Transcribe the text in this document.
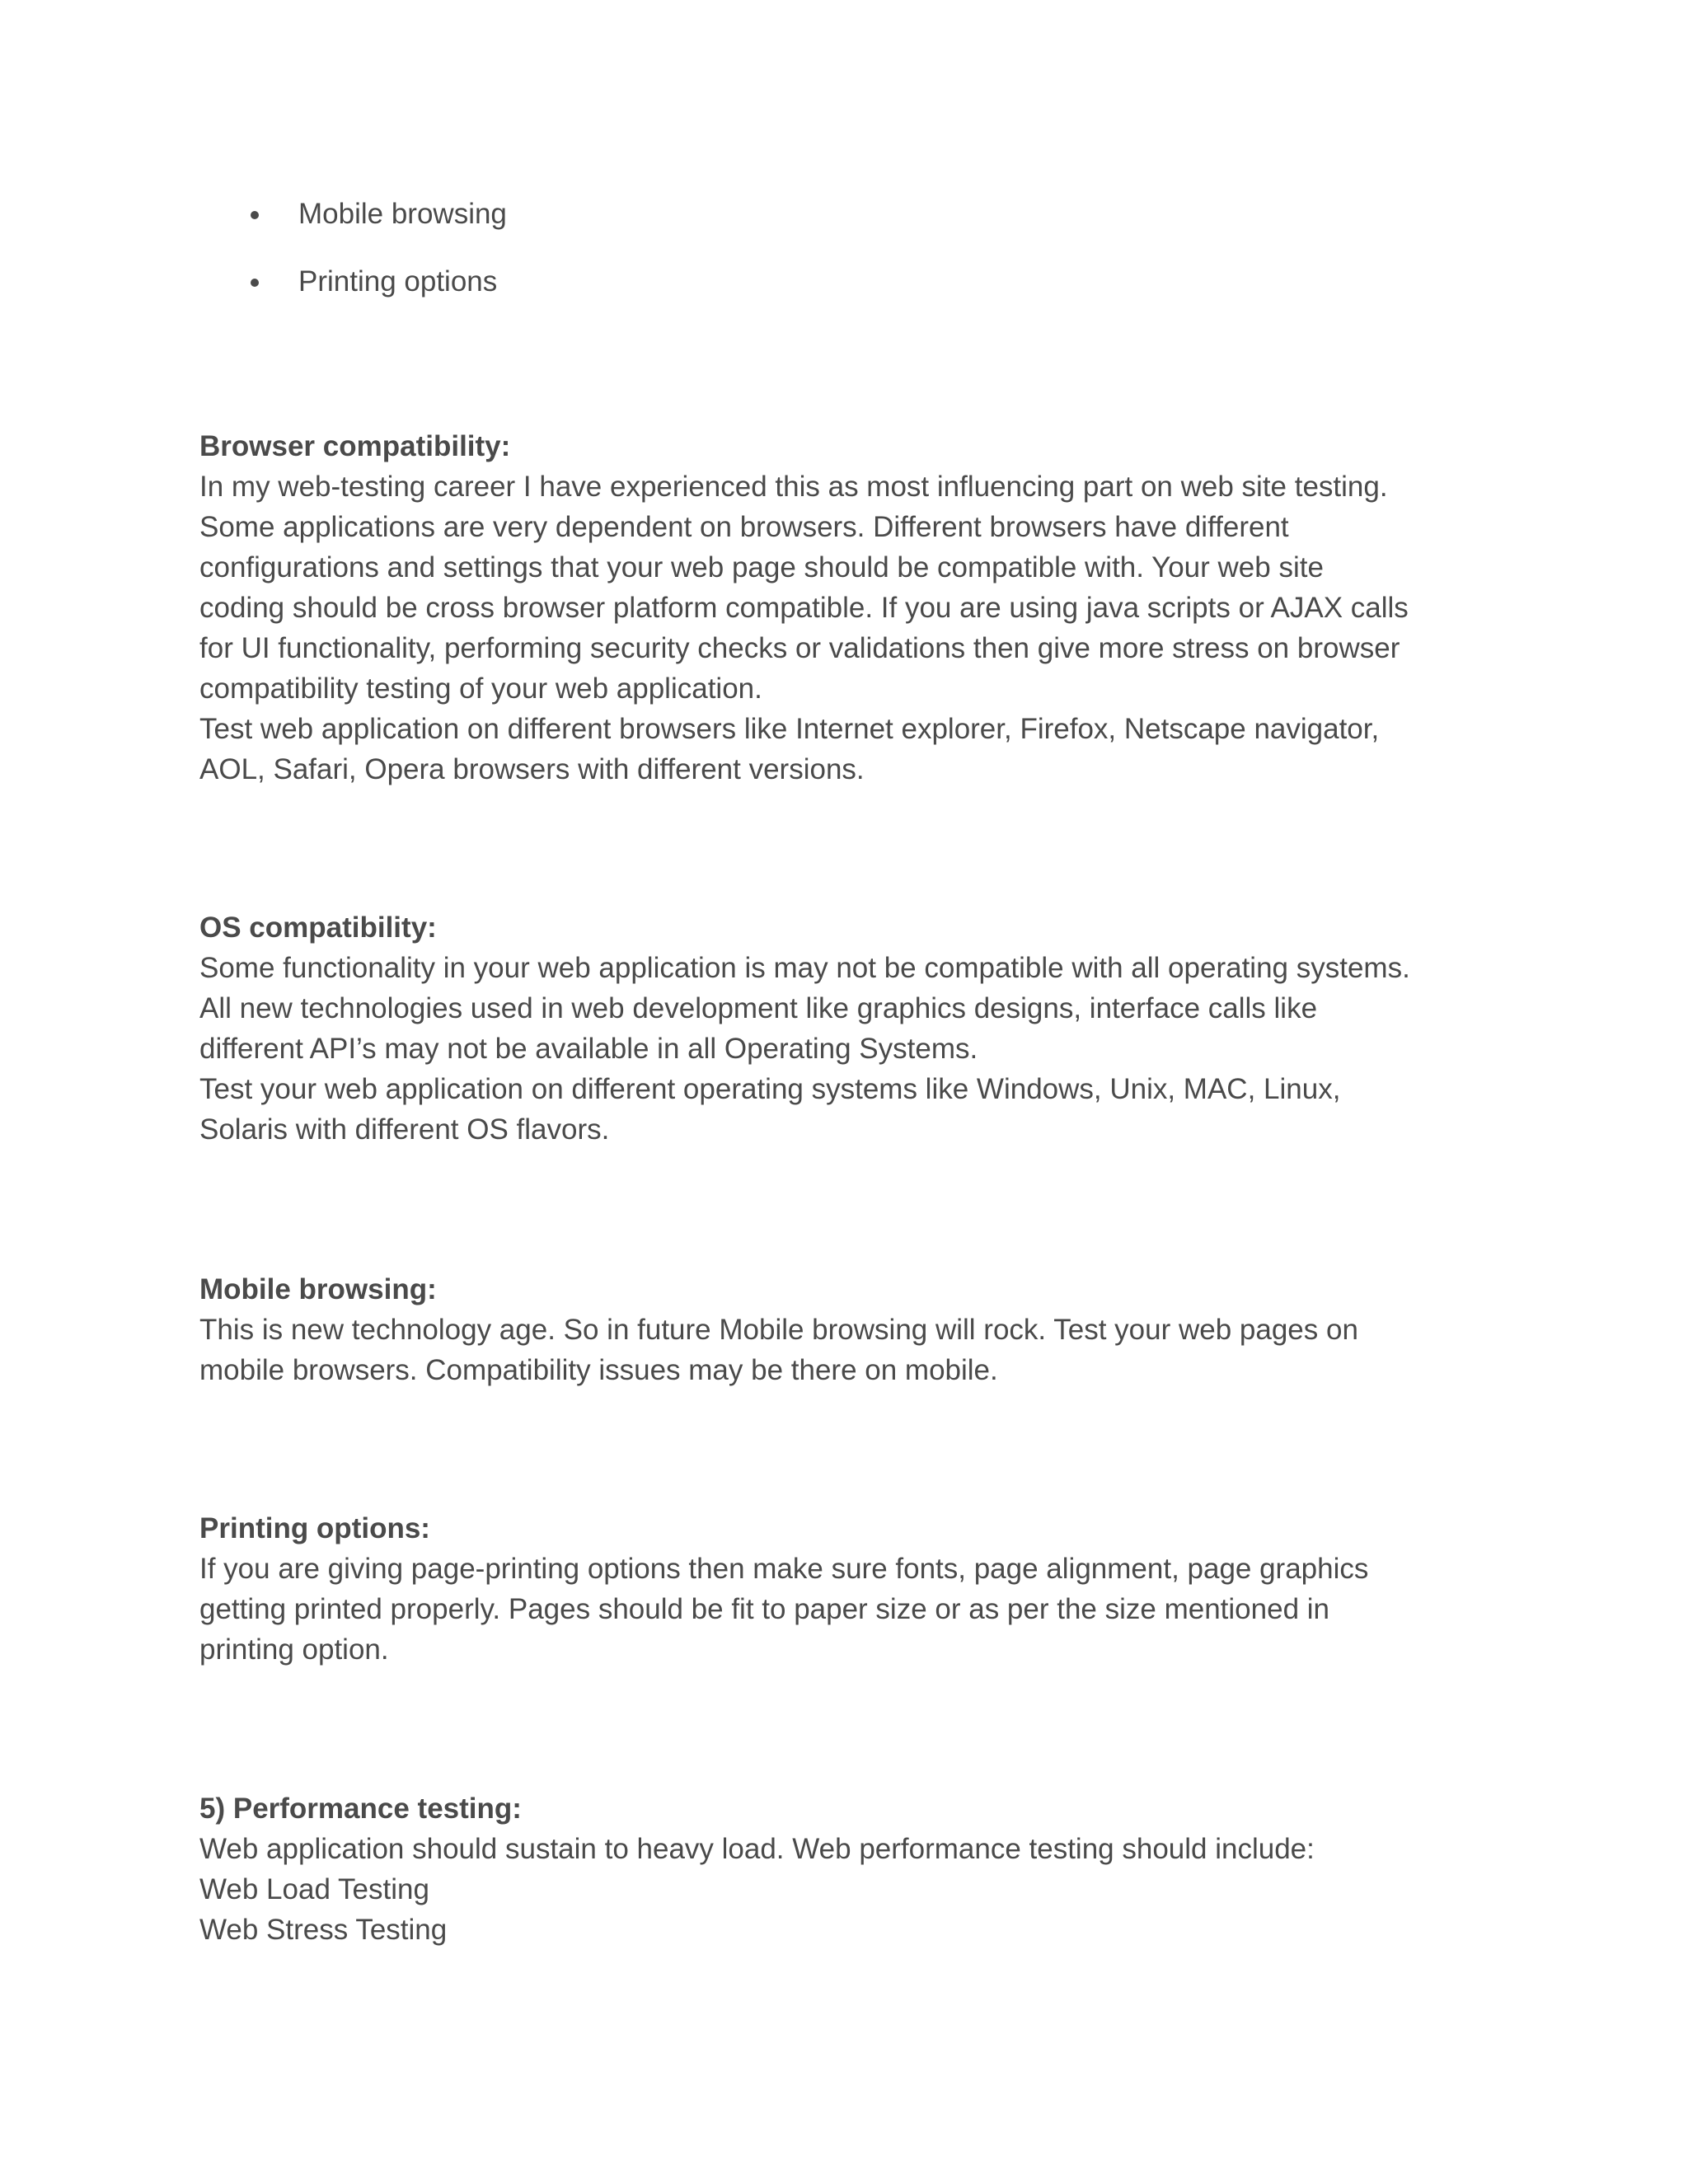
Mobile browsing
Printing options

Browser compatibility:

In my web-testing career I have experienced this as most influencing part on web site testing.

Some applications are very dependent on browsers. Different browsers have different

configurations and settings that your web page should be compatible with. Your web site

coding should be cross browser platform compatible. If you are using java scripts or AJAX calls

for UI functionality, performing security checks or validations then give more stress on browser

compatibility testing of your web application.

Test web application on different browsers like Internet explorer, Firefox, Netscape navigator,

AOL, Safari, Opera browsers with different versions.

OS compatibility:

Some functionality in your web application is may not be compatible with all operating systems.

All new technologies used in web development like graphics designs, interface calls like

different API’s may not be available in all Operating Systems.

Test your web application on different operating systems like Windows, Unix, MAC, Linux,

Solaris with different OS flavors.

Mobile browsing:

This is new technology age. So in future Mobile browsing will rock. Test your web pages on

mobile browsers. Compatibility issues may be there on mobile.

Printing options:

If you are giving page-printing options then make sure fonts, page alignment, page graphics

getting printed properly. Pages should be fit to paper size or as per the size mentioned in

printing option.

5) Performance testing:

Web application should sustain to heavy load. Web performance testing should include:

Web Load Testing

Web Stress Testing
